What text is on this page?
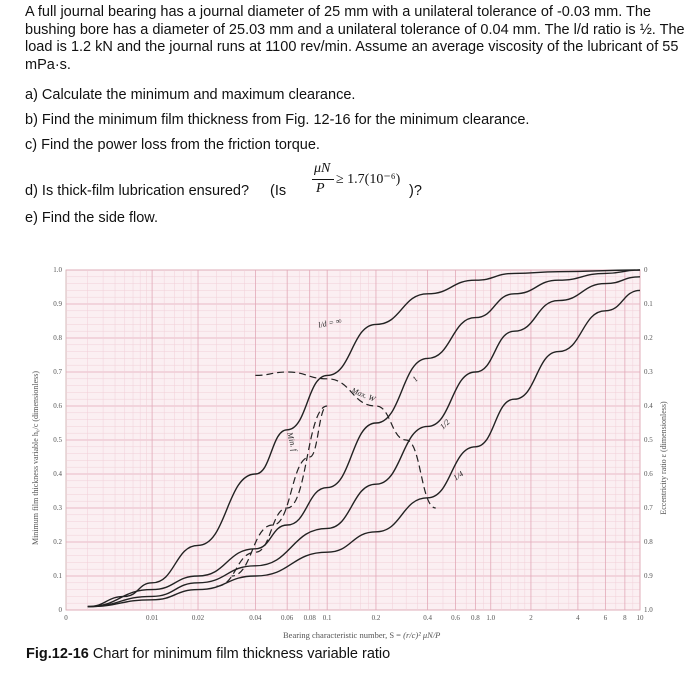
A full journal bearing has a journal diameter of 25 mm with a unilateral tolerance of -0.03 mm. The bushing bore has a diameter of 25.03 mm and a unilateral tolerance of 0.04 mm. The l/d ratio is ½. The load is 1.2 kN and the journal runs at 1100 rev/min. Assume an average viscosity of the lubricant of 55 mPa·s.

a) Calculate the minimum and maximum clearance.
b) Find the minimum film thickness from Fig. 12-16 for the minimum clearance.
c) Find the power loss from the friction torque.
d) Is thick-film lubrication ensured? (Is
μN
P
≥ 1.7(10⁻⁶)
)?
e) Find the side flow.
l/d = ∞
Max. W
Min. f
1
1/2
1/4
0	0.01	0.02	0.04	0.06 0.08 0.1	0.2	0.4	0.6 0.8 1.0	2	4	6 8 10
0
0.1
0.2
0.3
0.4
0.5
0.6
0.7
0.8
0.9
1.0
1.0
0.9
0.8
0.7
0.6
0.5
0.4
0.3
0.2
0.1
0
Minimum film thickness variable h₀/c (dimensionless)	Eccentricity ratio ε (dimensionless)
Bearing characteristic number, S = (r/c)² μN/P
Fig.12-16 Chart for minimum film thickness variable ratio
